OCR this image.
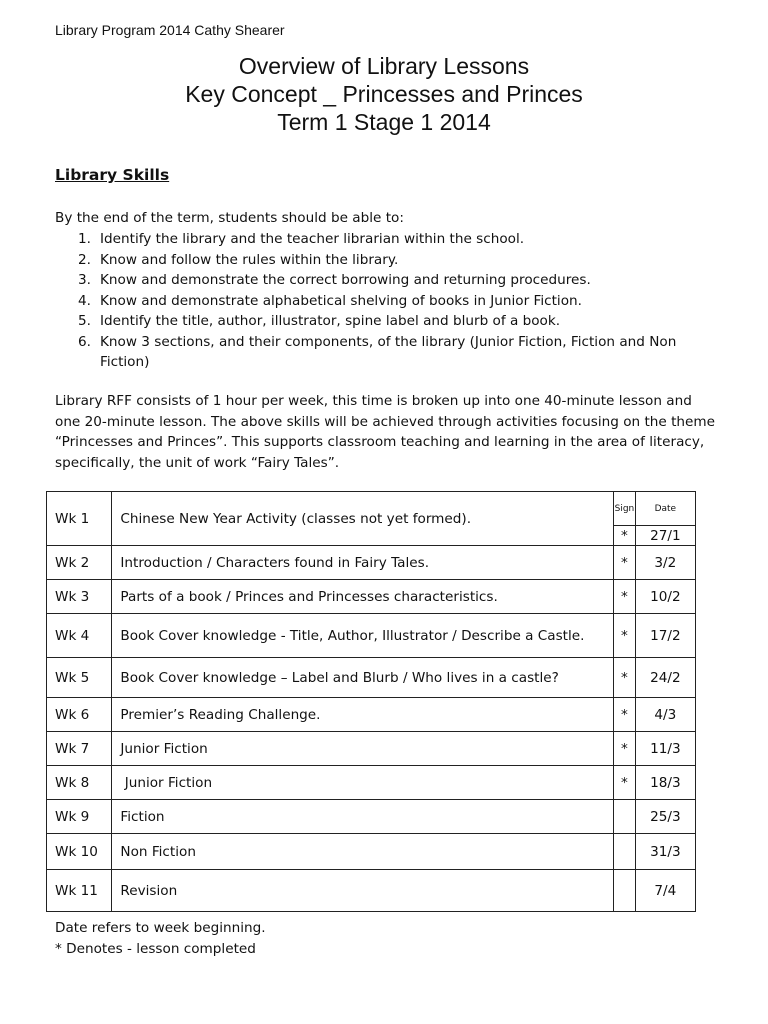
Library Program 2014 Cathy Shearer
Overview of Library Lessons
Key Concept _ Princesses and Princes
Term 1 Stage 1 2014
Library Skills
By the end of the term, students should be able to:
1. Identify the library and the teacher librarian within the school.
2. Know and follow the rules within the library.
3. Know and demonstrate the correct borrowing and returning procedures.
4. Know and demonstrate alphabetical shelving of books in Junior Fiction.
5. Identify the title, author, illustrator, spine label and blurb of a book.
6. Know 3 sections, and their components, of the library (Junior Fiction, Fiction and Non Fiction)
Library RFF consists of 1 hour per week, this time is broken up into one 40-minute lesson and one 20-minute lesson. The above skills will be achieved through activities focusing on the theme “Princesses and Princes”. This supports classroom teaching and learning in the area of literacy, specifically, the unit of work “Fairy Tales”.
Wk 1	Chinese New Year Activity (classes not yet formed).	Sign	Date
		*	27/1
Wk 2	Introduction / Characters found in Fairy Tales.	*	3/2
Wk 3	Parts of a book / Princes and Princesses characteristics.	*	10/2
Wk 4	Book Cover knowledge - Title, Author, Illustrator / Describe a Castle.	*	17/2
Wk 5	Book Cover knowledge – Label and Blurb / Who lives in a castle?	*	24/2
Wk 6	Premier’s Reading Challenge.	*	4/3
Wk 7	Junior Fiction	*	11/3
Wk 8	Junior Fiction	*	18/3
Wk 9	Fiction		25/3
Wk 10	Non Fiction		31/3
Wk 11	Revision		7/4
Date refers to week beginning.
* Denotes - lesson completed
